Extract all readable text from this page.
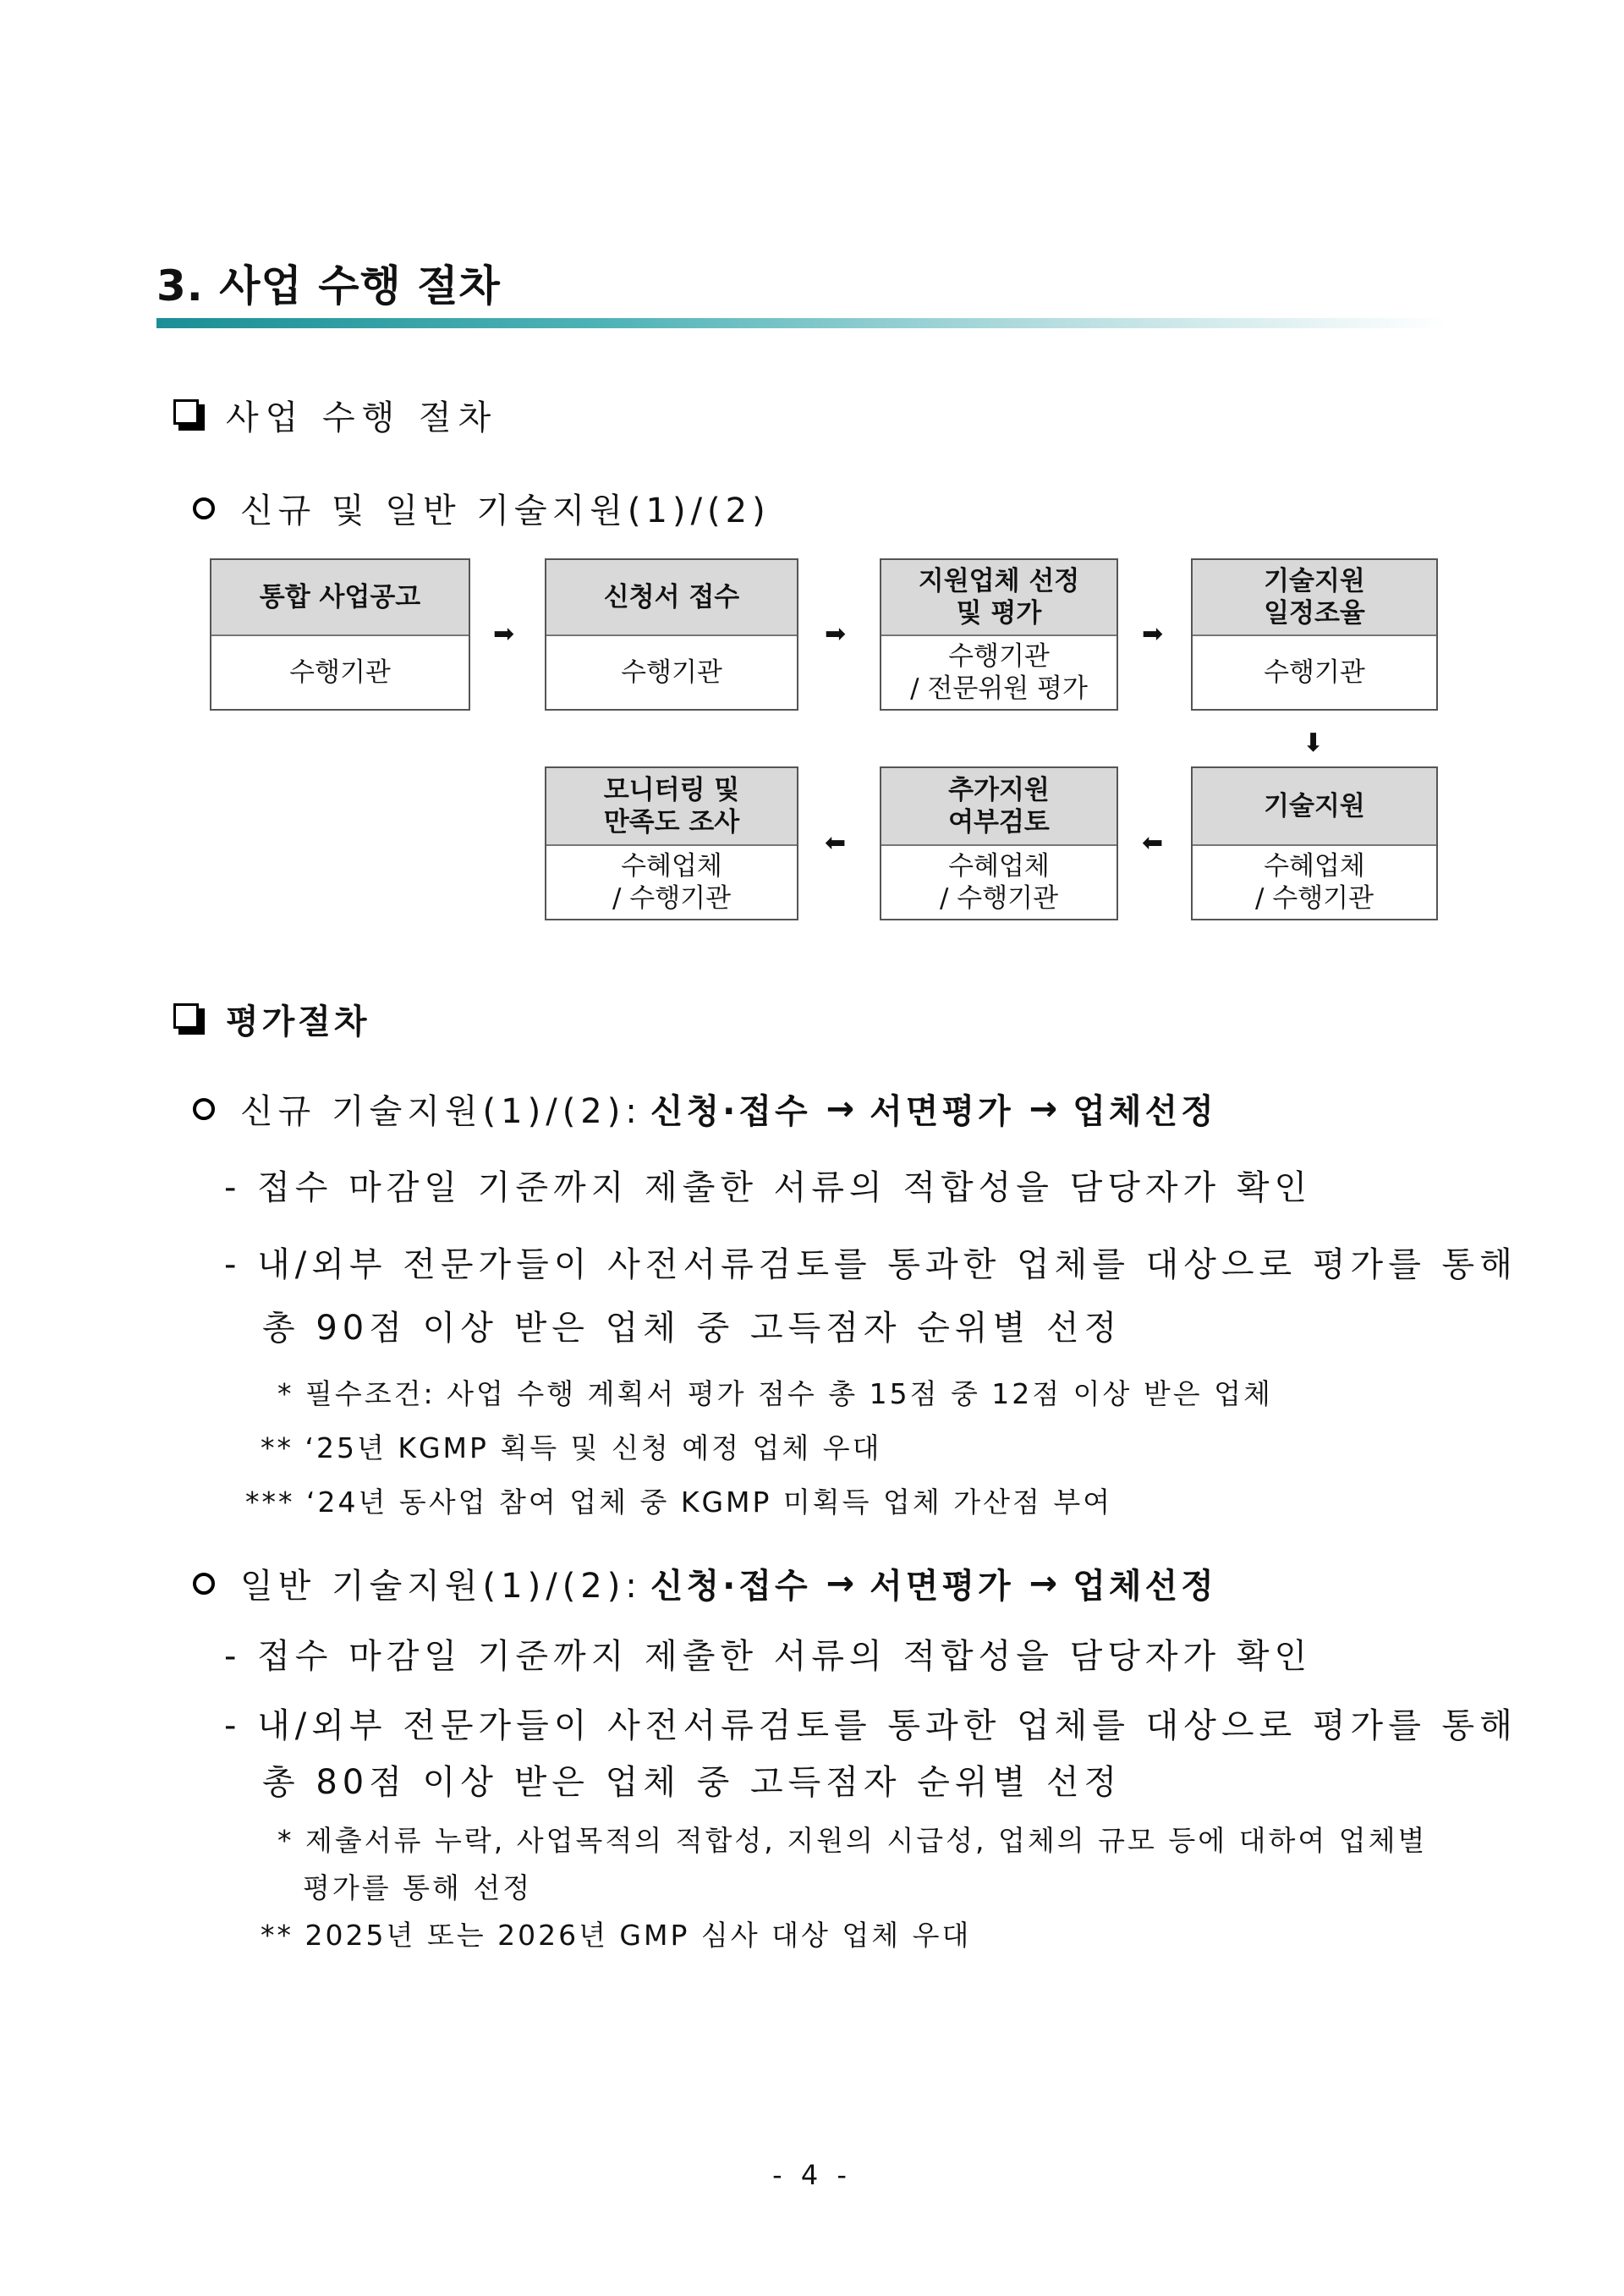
3. 사업 수행 절차
사업 수행 절차
신규 및 일반 기술지원(1)/(2)
통합 사업공고
수행기관
➡
신청서 접수
수행기관
➡
지원업체 선정
및 평가
수행기관
/ 전문위원 평가
➡
기술지원
일정조율
수행기관
⬇
기술지원
수혜업체
/ 수행기관
⬅
추가지원
여부검토
수혜업체
/ 수행기관
⬅
모니터링 및
만족도 조사
수혜업체
/ 수행기관
평가절차
신규 기술지원(1)/(2): 신청·접수 → 서면평가 → 업체선정
- 접수 마감일 기준까지 제출한 서류의 적합성을 담당자가 확인
- 내/외부 전문가들이 사전서류검토를 통과한 업체를 대상으로 평가를 통해
총 90점 이상 받은 업체 중 고득점자 순위별 선정
* 필수조건: 사업 수행 계획서 평가 점수 총 15점 중 12점 이상 받은 업체
** ‘25년 KGMP 획득 및 신청 예정 업체 우대
*** ‘24년 동사업 참여 업체 중 KGMP 미획득 업체 가산점 부여
일반 기술지원(1)/(2): 신청·접수 → 서면평가 → 업체선정
- 접수 마감일 기준까지 제출한 서류의 적합성을 담당자가 확인
- 내/외부 전문가들이 사전서류검토를 통과한 업체를 대상으로 평가를 통해
총 80점 이상 받은 업체 중 고득점자 순위별 선정
* 제출서류 누락, 사업목적의 적합성, 지원의 시급성, 업체의 규모 등에 대하여 업체별
평가를 통해 선정
** 2025년 또는 2026년 GMP 심사 대상 업체 우대
- 4 -
